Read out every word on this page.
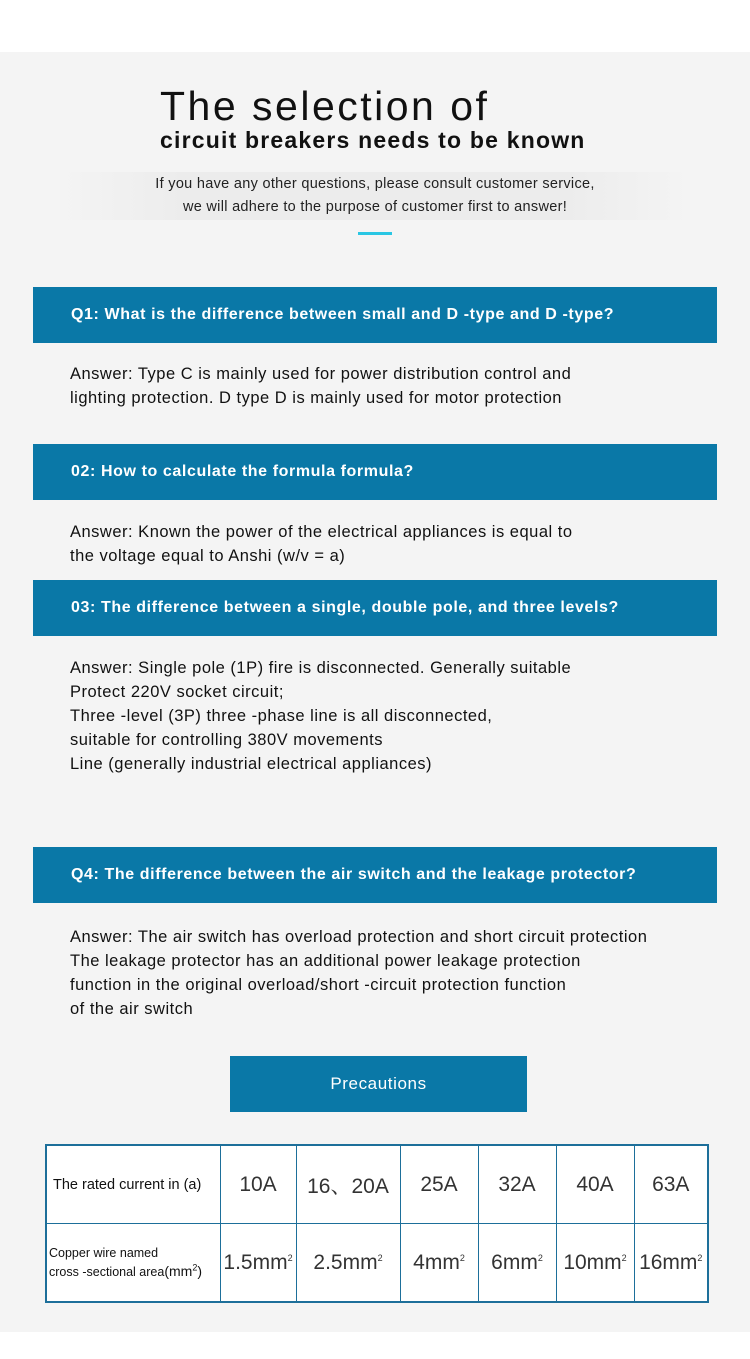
The selection of
circuit breakers needs to be known
If you have any other questions, please consult customer service,
we will adhere to the purpose of customer first to answer!
Q1: What is the difference between small and D -type and D -type?
Answer: Type C is mainly used for power distribution control and
lighting protection. D type D is mainly used for motor protection
02: How to calculate the formula formula?
Answer: Known the power of the electrical appliances is equal to
the voltage equal to Anshi (w/v = a)
03: The difference between a single, double pole, and three levels?
Answer: Single pole (1P) fire is disconnected. Generally suitable
Protect 220V socket circuit;
Three -level (3P) three -phase line is all disconnected,
suitable for controlling 380V movements
Line (generally industrial electrical appliances)
Q4: The difference between the air switch and the leakage protector?
Answer: The air switch has overload protection and short circuit protection
The leakage protector has an additional power leakage protection
function in the original overload/short -circuit protection function
of the air switch
Precautions
The rated current in (a)	10A	16、20A	25A	32A	40A	63A
Copper wire named
cross -sectional $area(mm^2)$	$1.5mm^2$	$2.5mm^2$	$4mm^2$	$6mm^2$	$10mm^2$	$16mm^2$
